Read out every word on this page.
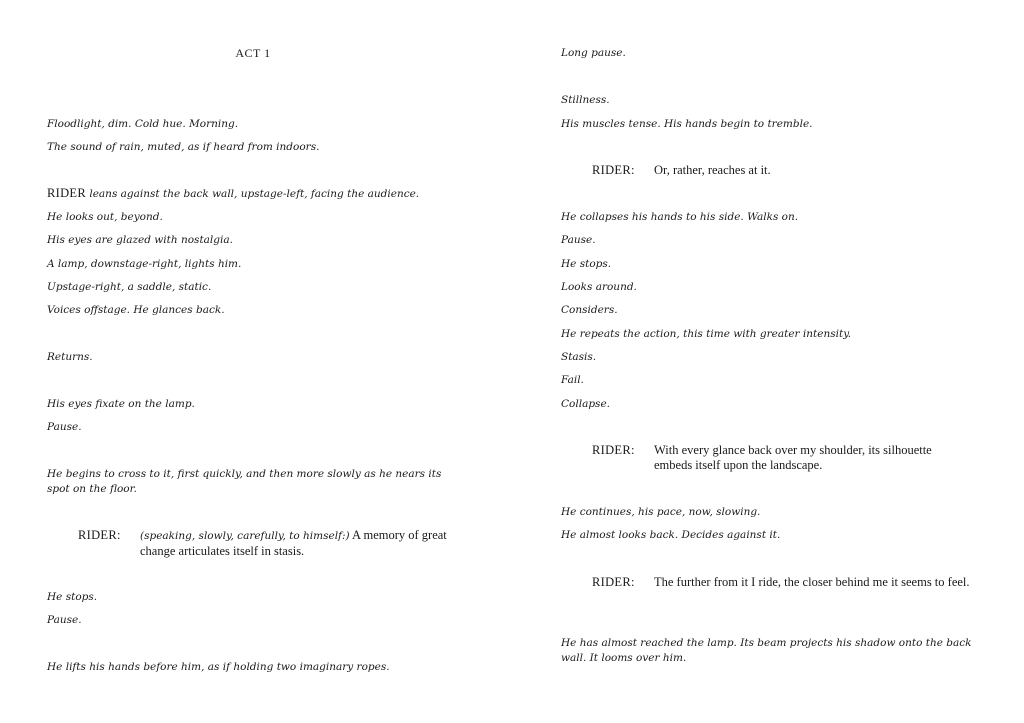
ACT 1
Floodlight, dim. Cold hue. Morning.
The sound of rain, muted, as if heard from indoors.
RIDER leans against the back wall, upstage-left, facing the audience.
He looks out, beyond.
His eyes are glazed with nostalgia.
A lamp, downstage-right, lights him.
Upstage-right, a saddle, static.
Voices offstage. He glances back.
Returns.
His eyes fixate on the lamp.
Pause.
He begins to cross to it, first quickly, and then more slowly as he nears its spot on the floor.
RIDER:	(speaking, slowly, carefully, to himself:) A memory of great change articulates itself in stasis.
He stops.
Pause.
He lifts his hands before him, as if holding two imaginary ropes.
Long pause.
Stillness.
His muscles tense. His hands begin to tremble.
RIDER:	Or, rather, reaches at it.
He collapses his hands to his side. Walks on.
Pause.
He stops.
Looks around.
Considers.
He repeats the action, this time with greater intensity.
Stasis.
Fail.
Collapse.
RIDER:	With every glance back over my shoulder, its silhouette embeds itself upon the landscape.
He continues, his pace, now, slowing.
He almost looks back. Decides against it.
RIDER:	The further from it I ride, the closer behind me it seems to feel.
He has almost reached the lamp. Its beam projects his shadow onto the back wall. It looms over him.
